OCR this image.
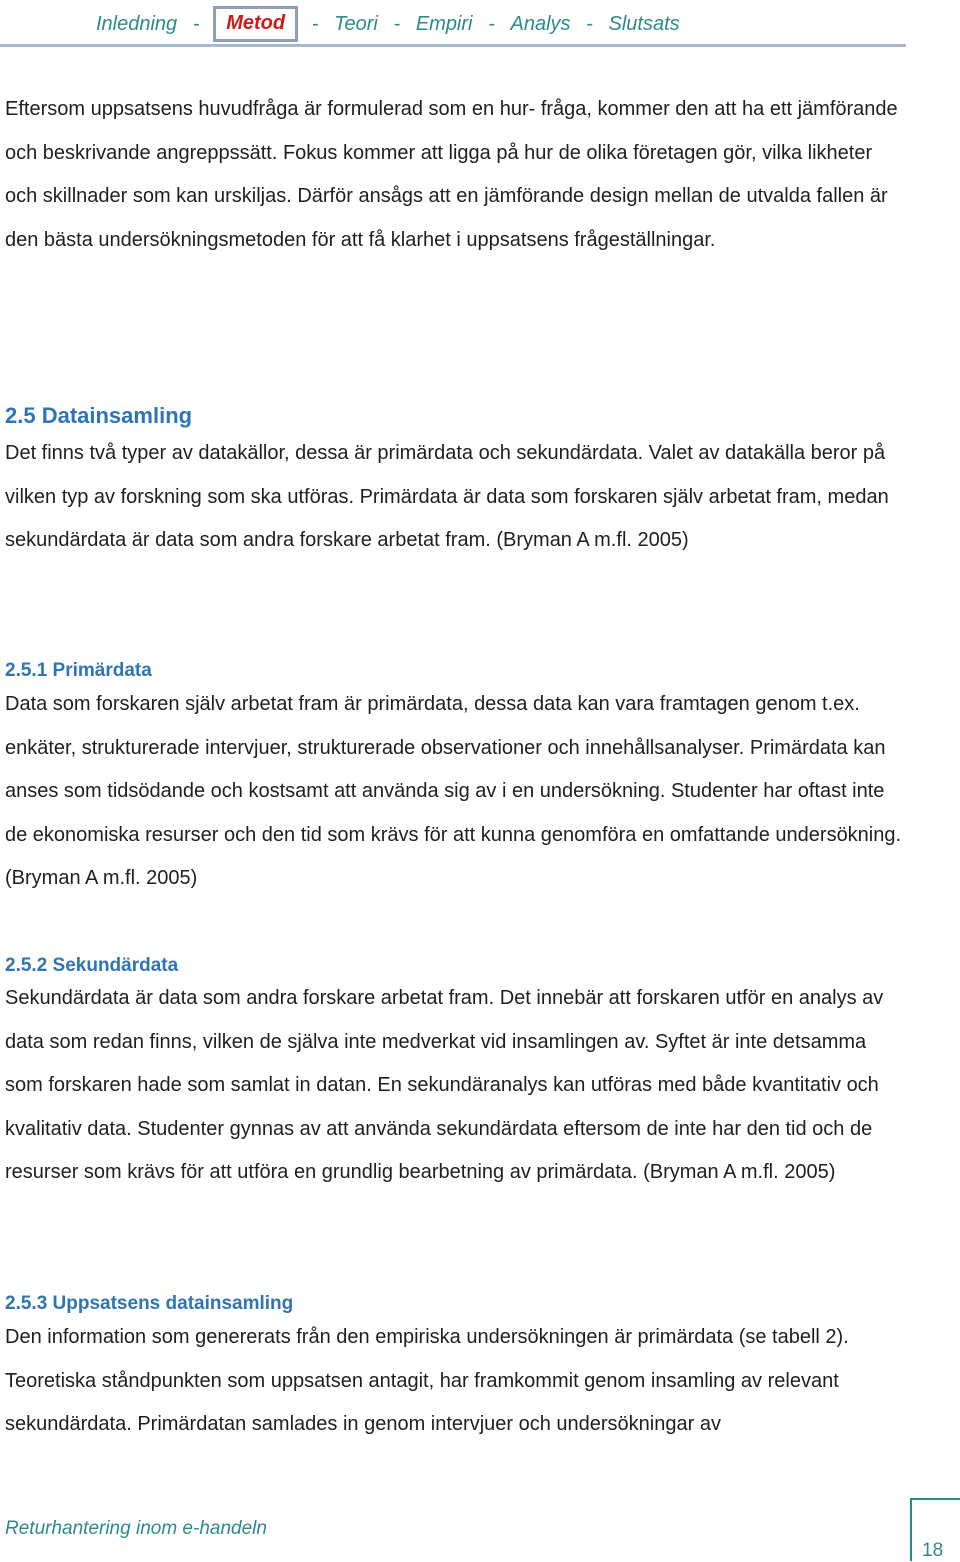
Inledning -	Metod	- Teori - Empiri - Analys - Slutsats

Eftersom uppsatsens huvudfråga är formulerad som en hur- fråga, kommer den att ha ett jämförande och beskrivande angreppssätt. Fokus kommer att ligga på hur de olika företagen gör, vilka likheter och skillnader som kan urskiljas. Därför ansågs att en jämförande design mellan de utvalda fallen är den bästa undersökningsmetoden för att få klarhet i uppsatsens frågeställningar.

2.5 Datainsamling

Det finns två typer av datakällor, dessa är primärdata och sekundärdata. Valet av datakälla beror på vilken typ av forskning som ska utföras. Primärdata är data som forskaren själv arbetat fram, medan sekundärdata är data som andra forskare arbetat fram. (Bryman A m.fl. 2005)

2.5.1 Primärdata

Data som forskaren själv arbetat fram är primärdata, dessa data kan vara framtagen genom t.ex. enkäter, strukturerade intervjuer, strukturerade observationer och innehållsanalyser. Primärdata kan anses som tidsödande och kostsamt att använda sig av i en undersökning. Studenter har oftast inte de ekonomiska resurser och den tid som krävs för att kunna genomföra en omfattande undersökning. (Bryman A m.fl. 2005)

2.5.2 Sekundärdata

Sekundärdata är data som andra forskare arbetat fram. Det innebär att forskaren utför en analys av data som redan finns, vilken de själva inte medverkat vid insamlingen av. Syftet är inte detsamma som forskaren hade som samlat in datan. En sekundäranalys kan utföras med både kvantitativ och kvalitativ data. Studenter gynnas av att använda sekundärdata eftersom de inte har den tid och de resurser som krävs för att utföra en grundlig bearbetning av primärdata. (Bryman A m.fl. 2005)

2.5.3 Uppsatsens datainsamling

Den information som genererats från den empiriska undersökningen är primärdata (se tabell 2). Teoretiska ståndpunkten som uppsatsen antagit, har framkommit genom insamling av relevant sekundärdata. Primärdatan samlades in genom intervjuer och undersökningar av

Returhantering inom e-handeln
18
